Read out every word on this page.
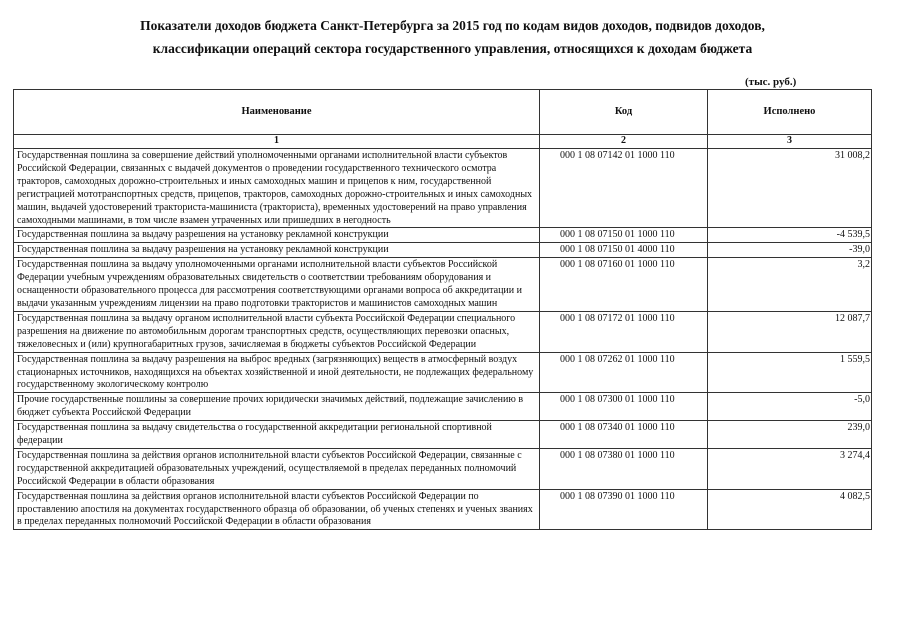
Показатели доходов бюджета Санкт-Петербурга за 2015 год по кодам видов доходов, подвидов доходов,
классификации операций сектора государственного управления, относящихся к доходам бюджета
(тыс. руб.)
Наименование	Код	Исполнено
1	2	3
Государственная пошлина за совершение действий уполномоченными органами исполнительной власти субъектов Российской Федерации, связанных с выдачей документов о проведении государственного технического осмотра тракторов, самоходных дорожно-строительных и иных самоходных машин и прицепов к ним, государственной регистрацией мототранспортных средств, прицепов, тракторов, самоходных дорожно-строительных и иных самоходных машин, выдачей удостоверений тракториста-машиниста (тракториста), временных удостоверений на право управления самоходными машинами, в том числе взамен утраченных или пришедших в негодность	000 1 08 07142 01 1000 110	31 008,2
Государственная пошлина за выдачу разрешения на установку рекламной конструкции	000 1 08 07150 01 1000 110	-4 539,5
Государственная пошлина за выдачу разрешения на установку рекламной конструкции	000 1 08 07150 01 4000 110	-39,0
Государственная пошлина за выдачу уполномоченными органами исполнительной власти субъектов Российской Федерации учебным учреждениям образовательных свидетельств о соответствии требованиям оборудования и оснащенности образовательного процесса для рассмотрения соответствующими органами вопроса об аккредитации и выдачи указанным учреждениям лицензии на право подготовки трактористов и машинистов самоходных машин	000 1 08 07160 01 1000 110	3,2
Государственная пошлина за выдачу органом исполнительной власти субъекта Российской Федерации специального разрешения на движение по автомобильным дорогам транспортных средств, осуществляющих перевозки опасных, тяжеловесных и (или) крупногабаритных грузов, зачисляемая в бюджеты субъектов Российской Федерации	000 1 08 07172 01 1000 110	12 087,7
Государственная пошлина за выдачу разрешения на выброс вредных (загрязняющих) веществ в атмосферный воздух стационарных источников, находящихся на объектах хозяйственной и иной деятельности, не подлежащих федеральному государственному экологическому контролю	000 1 08 07262 01 1000 110	1 559,5
Прочие государственные пошлины за совершение прочих юридически значимых действий, подлежащие зачислению в бюджет субъекта Российской Федерации	000 1 08 07300 01 1000 110	-5,0
Государственная пошлина за выдачу свидетельства о государственной аккредитации региональной спортивной федерации	000 1 08 07340 01 1000 110	239,0
Государственная пошлина за действия органов исполнительной власти субъектов Российской Федерации, связанные с государственной аккредитацией образовательных учреждений, осуществляемой в пределах переданных полномочий Российской Федерации в области образования	000 1 08 07380 01 1000 110	3 274,4
Государственная пошлина за действия органов исполнительной власти субъектов Российской Федерации по проставлению апостиля на документах государственного образца об образовании, об ученых степенях и ученых званиях в пределах переданных полномочий Российской Федерации в области образования	000 1 08 07390 01 1000 110	4 082,5
